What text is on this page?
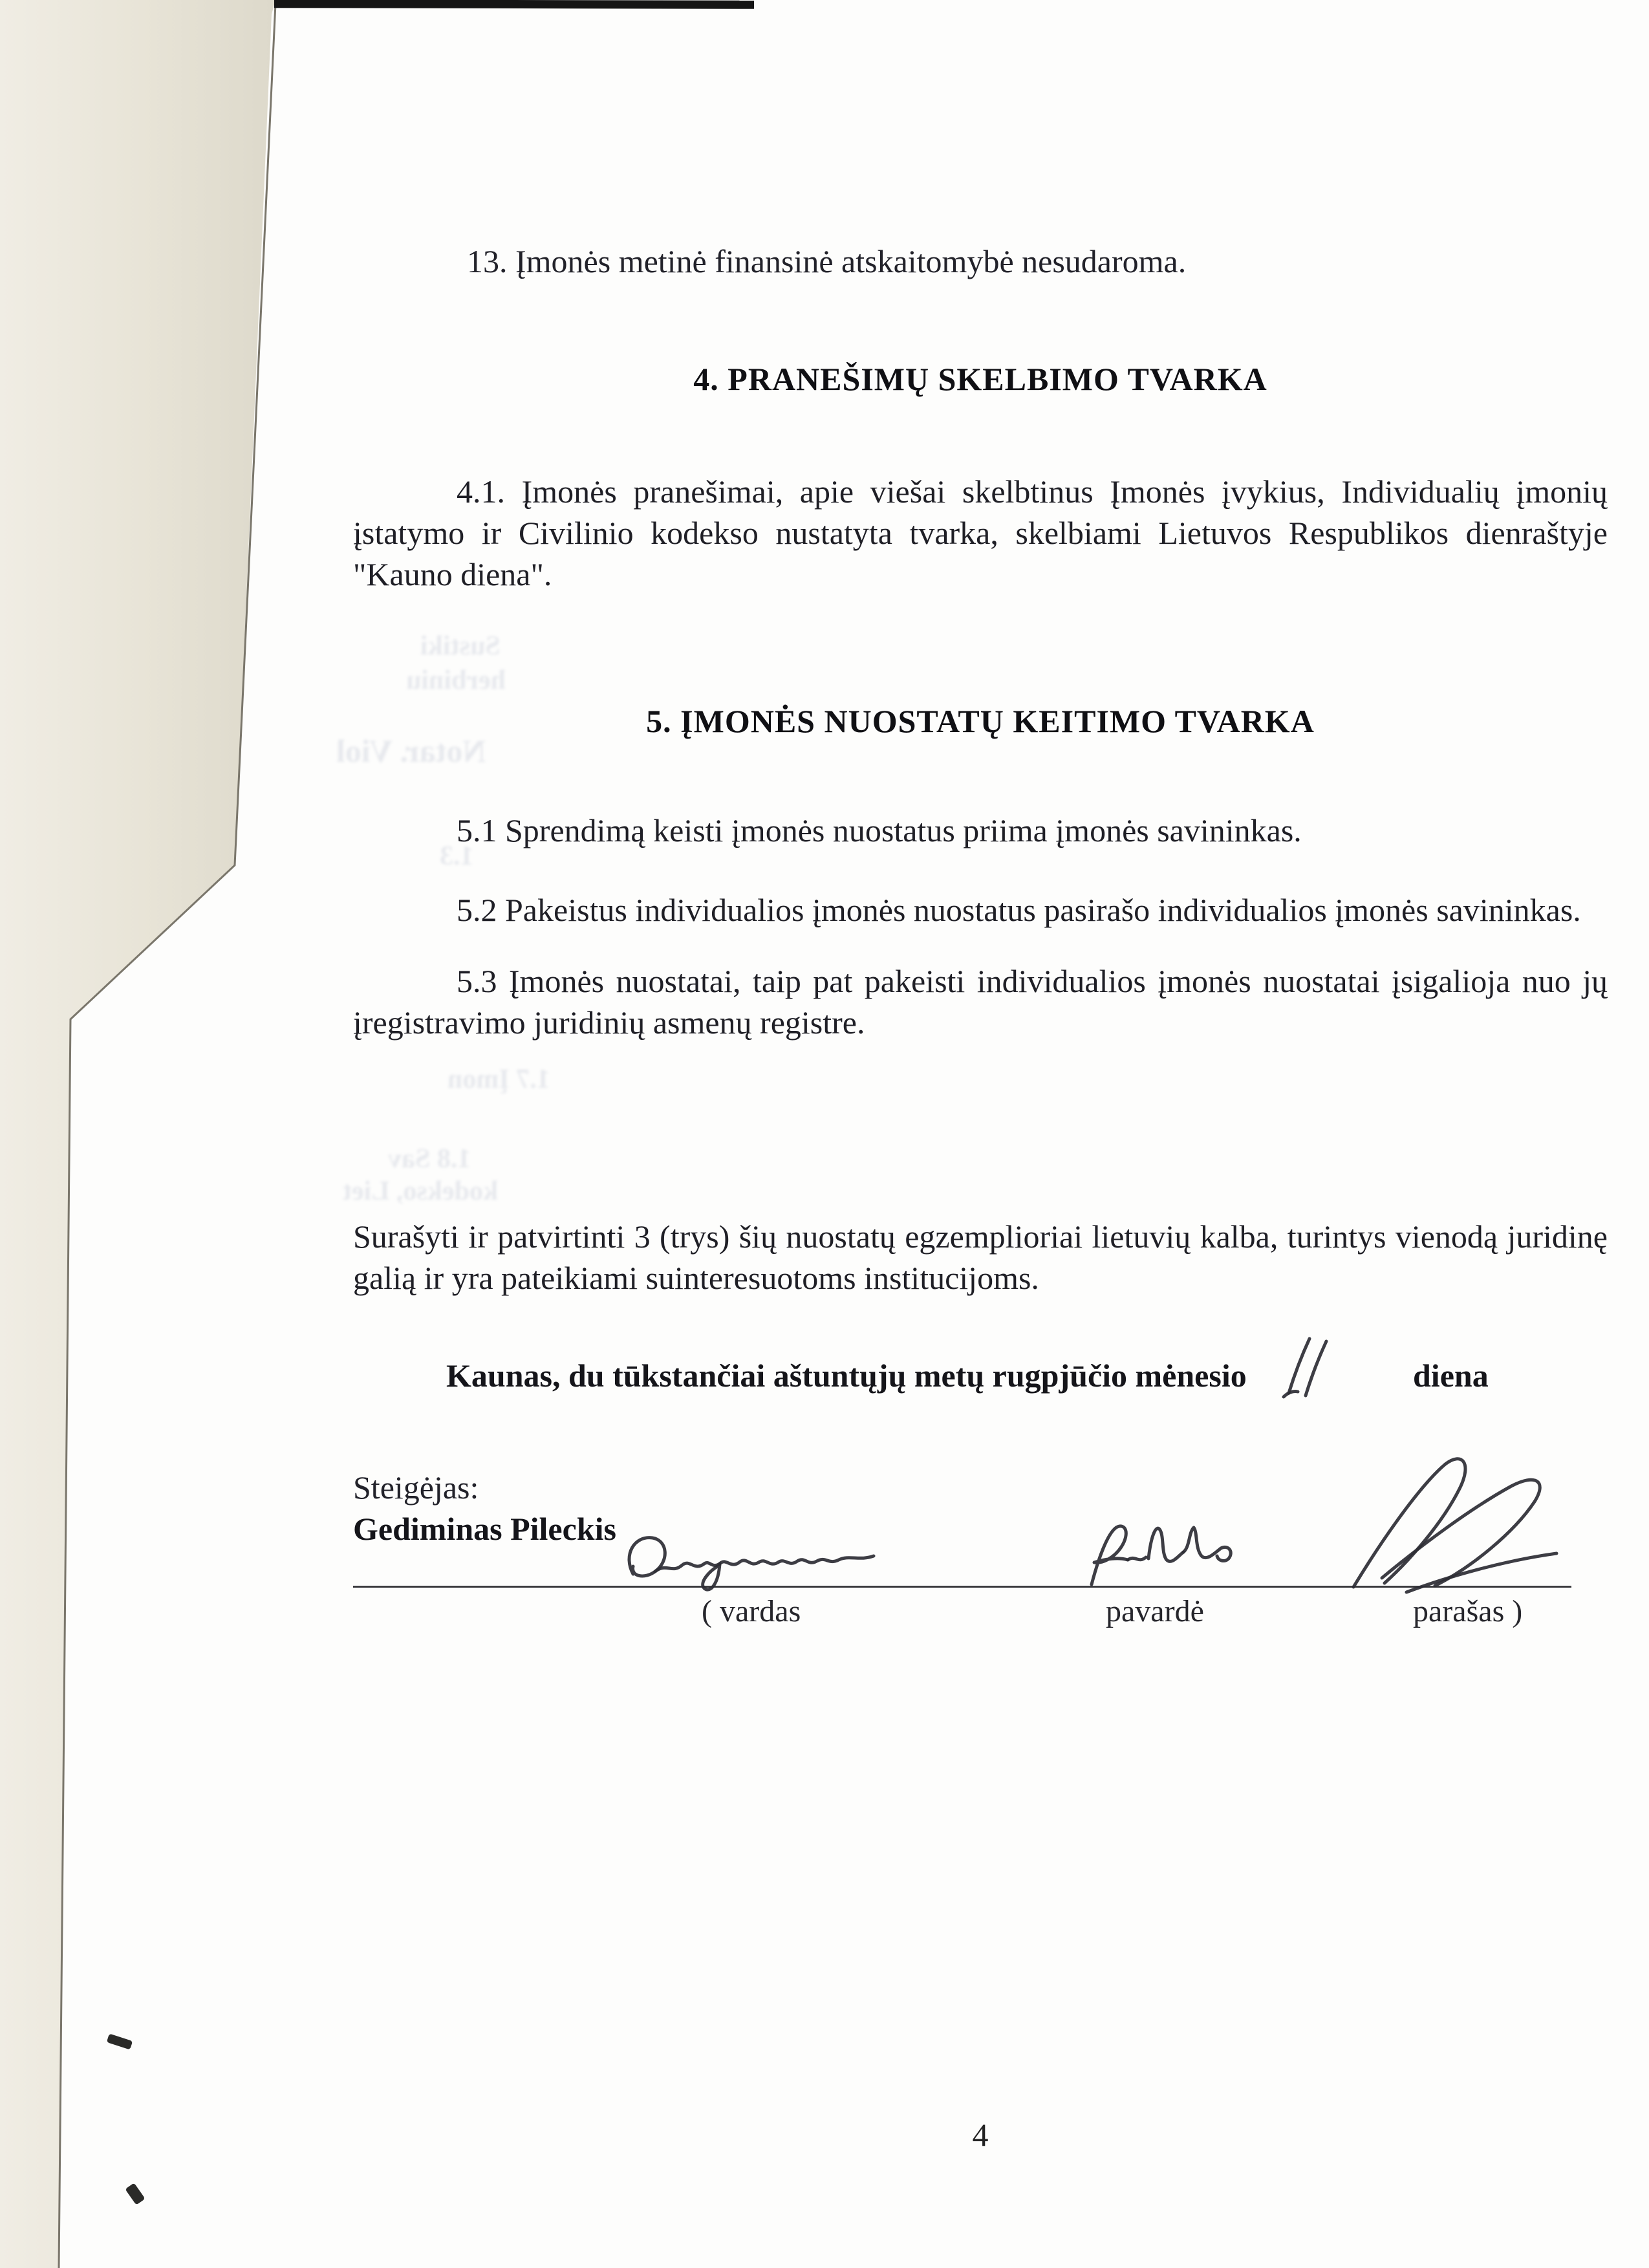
Sustiki
herbiniu
Notar. Viol
1.3
1.7 Įmon
1.8 Sav
kodekso, Liet
13. Įmonės metinė finansinė atskaitomybė nesudaroma.
4. PRANEŠIMŲ SKELBIMO TVARKA
4.1. Įmonės pranešimai, apie viešai skelbtinus Įmonės įvykius, Individualių įmonių įstatymo ir Civilinio kodekso nustatyta tvarka, skelbiami Lietuvos Respublikos dienraštyje "Kauno diena".
5. ĮMONĖS NUOSTATŲ KEITIMO TVARKA
5.1 Sprendimą keisti įmonės nuostatus priima įmonės savininkas.
5.2 Pakeistus individualios įmonės nuostatus pasirašo individualios įmonės savininkas.
5.3 Įmonės nuostatai, taip pat pakeisti individualios įmonės nuostatai įsigalioja nuo jų įregistravimo juridinių asmenų registre.
Surašyti ir patvirtinti 3 (trys) šių nuostatų egzemplioriai lietuvių kalba, turintys vienodą juridinę galią ir yra pateikiami suinteresuotoms institucijoms.
Kaunas, du tūkstančiai aštuntųjų metų rugpjūčio mėnesio	diena
Steigėjas:
Gediminas Pileckis
( vardas	pavardė	parašas )
4
